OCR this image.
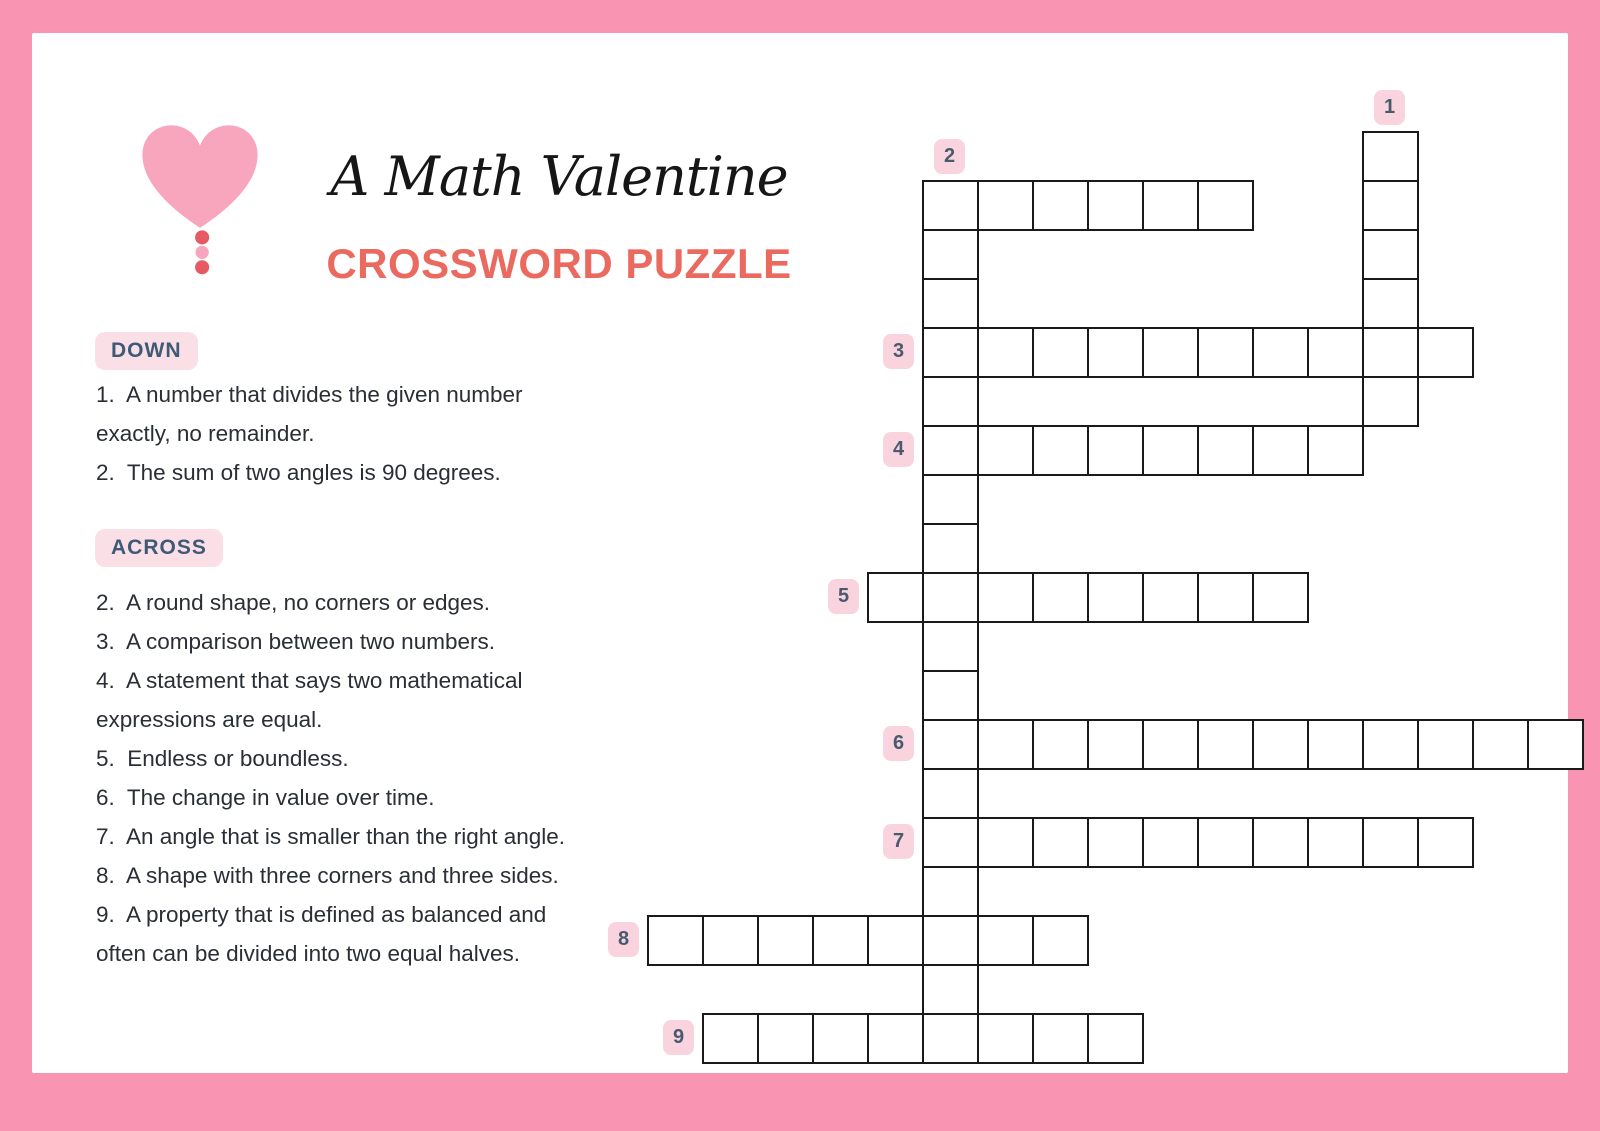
A Math Valentine
CROSSWORD PUZZLE
DOWN
1.  A number that divides the given number
exactly, no remainder.
2.  The sum of two angles is 90 degrees.
ACROSS
2.  A round shape, no corners or edges.
3.  A comparison between two numbers.
4.  A statement that says two mathematical
expressions are equal.
5.  Endless or boundless.
6.  The change in value over time.
7.  An angle that is smaller than the right angle.
8.  A shape with three corners and three sides.
9.  A property that is defined as balanced and
often can be divided into two equal halves.
1
2
3
4
5
6
7
8
9
